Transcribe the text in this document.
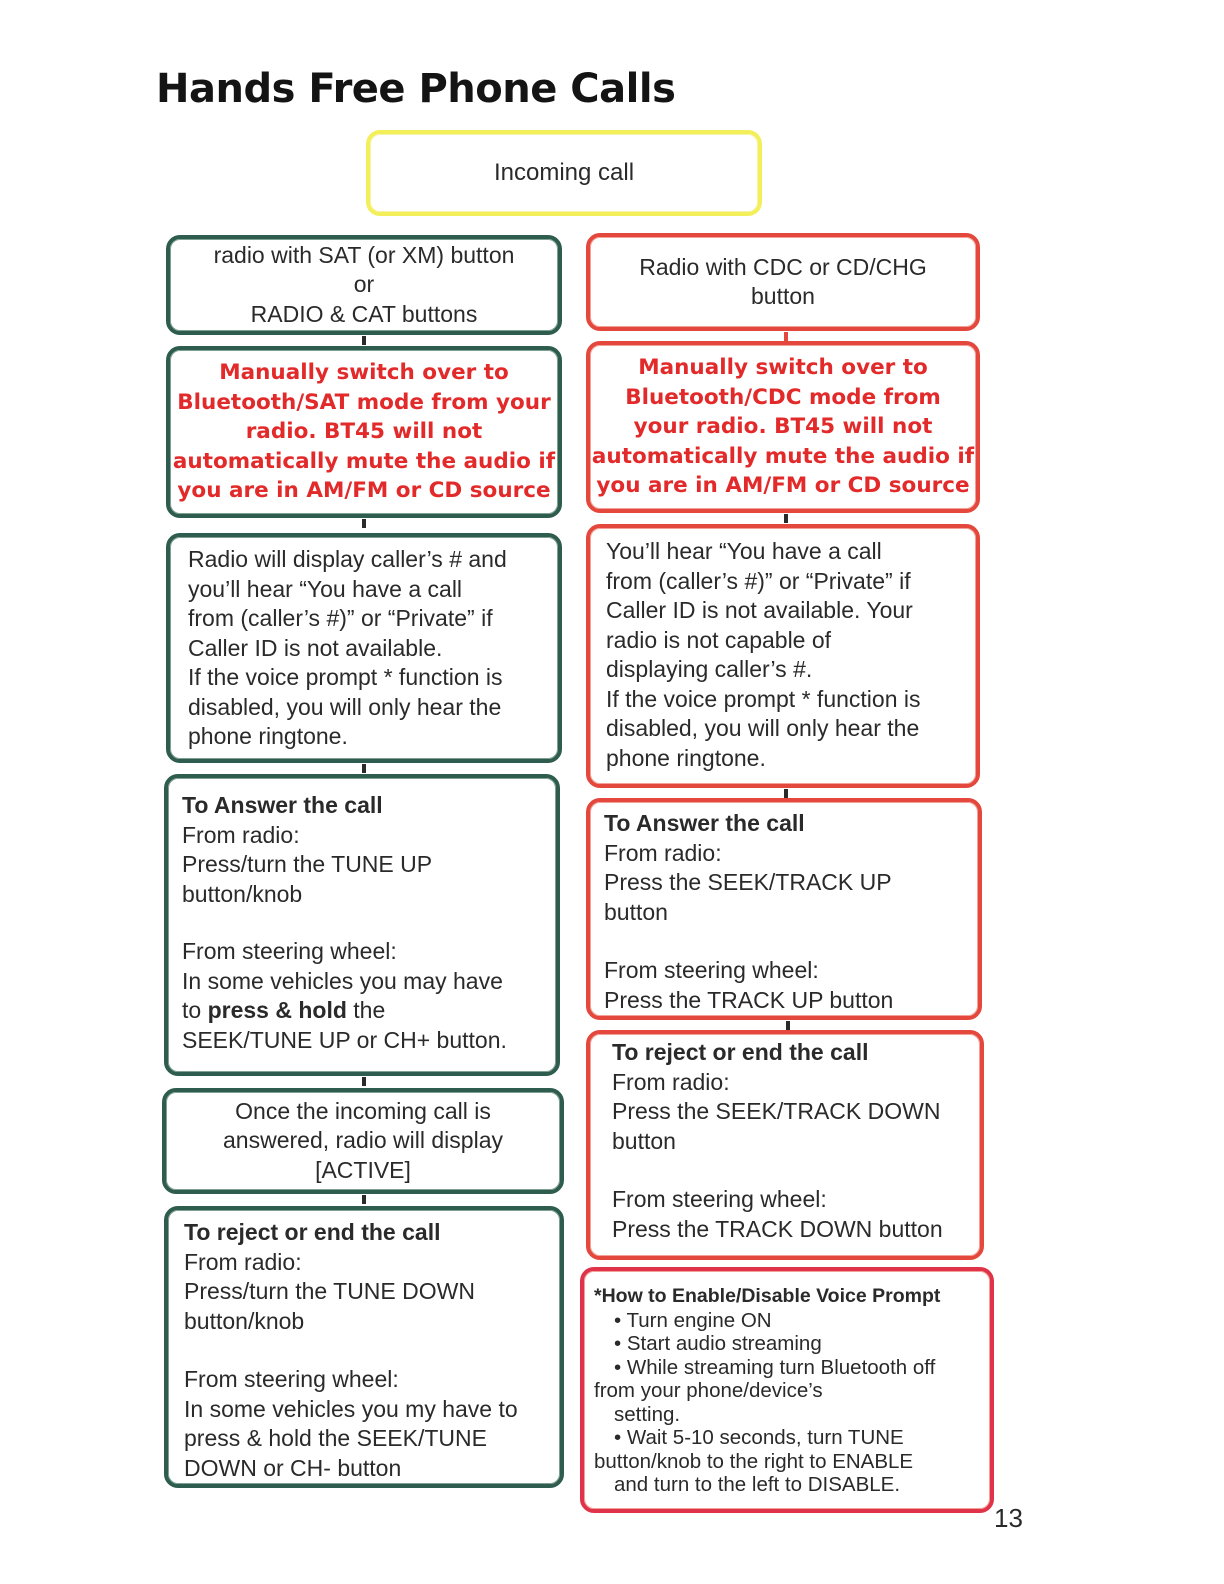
Hands Free Phone Calls
Incoming call
radio with SAT (or XM) button
or
RADIO & CAT buttons
Manually switch over to
Bluetooth/SAT mode from your
radio. BT45 will not
automatically mute the audio if
you are in AM/FM or CD source
Radio will display caller’s # and
you’ll hear “You have a call
from (caller’s #)” or “Private” if
Caller ID is not available.
If the voice prompt * function is
disabled, you will only hear the
phone ringtone.
To Answer the call
From radio:
Press/turn the TUNE UP
button/knob
From steering wheel:
In some vehicles you may have
to press & hold the
SEEK/TUNE UP or CH+ button.
Once the incoming call is
answered, radio will display
[ACTIVE]
To reject or end the call
From radio:
Press/turn the TUNE DOWN
button/knob
From steering wheel:
In some vehicles you my have to
press & hold the SEEK/TUNE
DOWN or CH- button
Radio with CDC or CD/CHG
button
Manually switch over to
Bluetooth/CDC mode from
your radio. BT45 will not
automatically mute the audio if
you are in AM/FM or CD source
You’ll hear “You have a call
from (caller’s #)” or “Private” if
Caller ID is not available. Your
radio is not capable of
displaying caller’s #.
If the voice prompt * function is
disabled, you will only hear the
phone ringtone.
To Answer the call
From radio:
Press the SEEK/TRACK UP
button
From steering wheel:
Press the TRACK UP button
To reject or end the call
From radio:
Press the SEEK/TRACK DOWN
button
From steering wheel:
Press the TRACK DOWN button
*How to Enable/Disable Voice Prompt
• Turn engine ON
• Start audio streaming
• While streaming turn Bluetooth off
from your phone/device’s
setting.
• Wait 5-10 seconds, turn TUNE
button/knob to the right to ENABLE
and turn to the left to DISABLE.
13
